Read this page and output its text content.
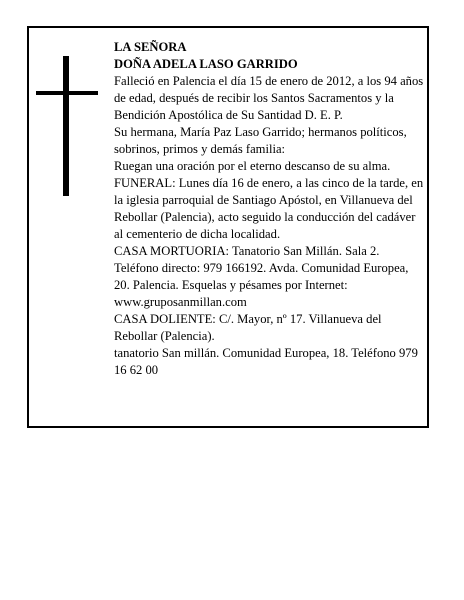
LA SEÑORA

DOÑA ADELA LASO GARRIDO

Falleció en Palencia el día 15 de enero de 2012, a los 94 años de edad, después de recibir los Santos Sacramentos y la Bendición Apostólica de Su Santidad D. E. P.

Su hermana, María Paz Laso Garrido; hermanos políticos, sobrinos, primos y demás familia:

Ruegan una oración por el eterno descanso de su alma.

FUNERAL: Lunes día 16 de enero, a las cinco de la tarde, en la iglesia parroquial de Santiago Apóstol, en Villanueva del Rebollar (Palencia), acto seguido la conducción del cadáver al cementerio de dicha localidad.

CASA MORTUORIA: Tanatorio San Millán. Sala 2. Teléfono directo: 979 166192. Avda. Comunidad Europea, 20. Palencia. Esquelas y pésames por Internet: www.gruposanmillan.com

CASA DOLIENTE: C/. Mayor, nº 17. Villanueva del Rebollar (Palencia).

tanatorio San millán. Comunidad Europea, 18. Teléfono 979 16 62 00
